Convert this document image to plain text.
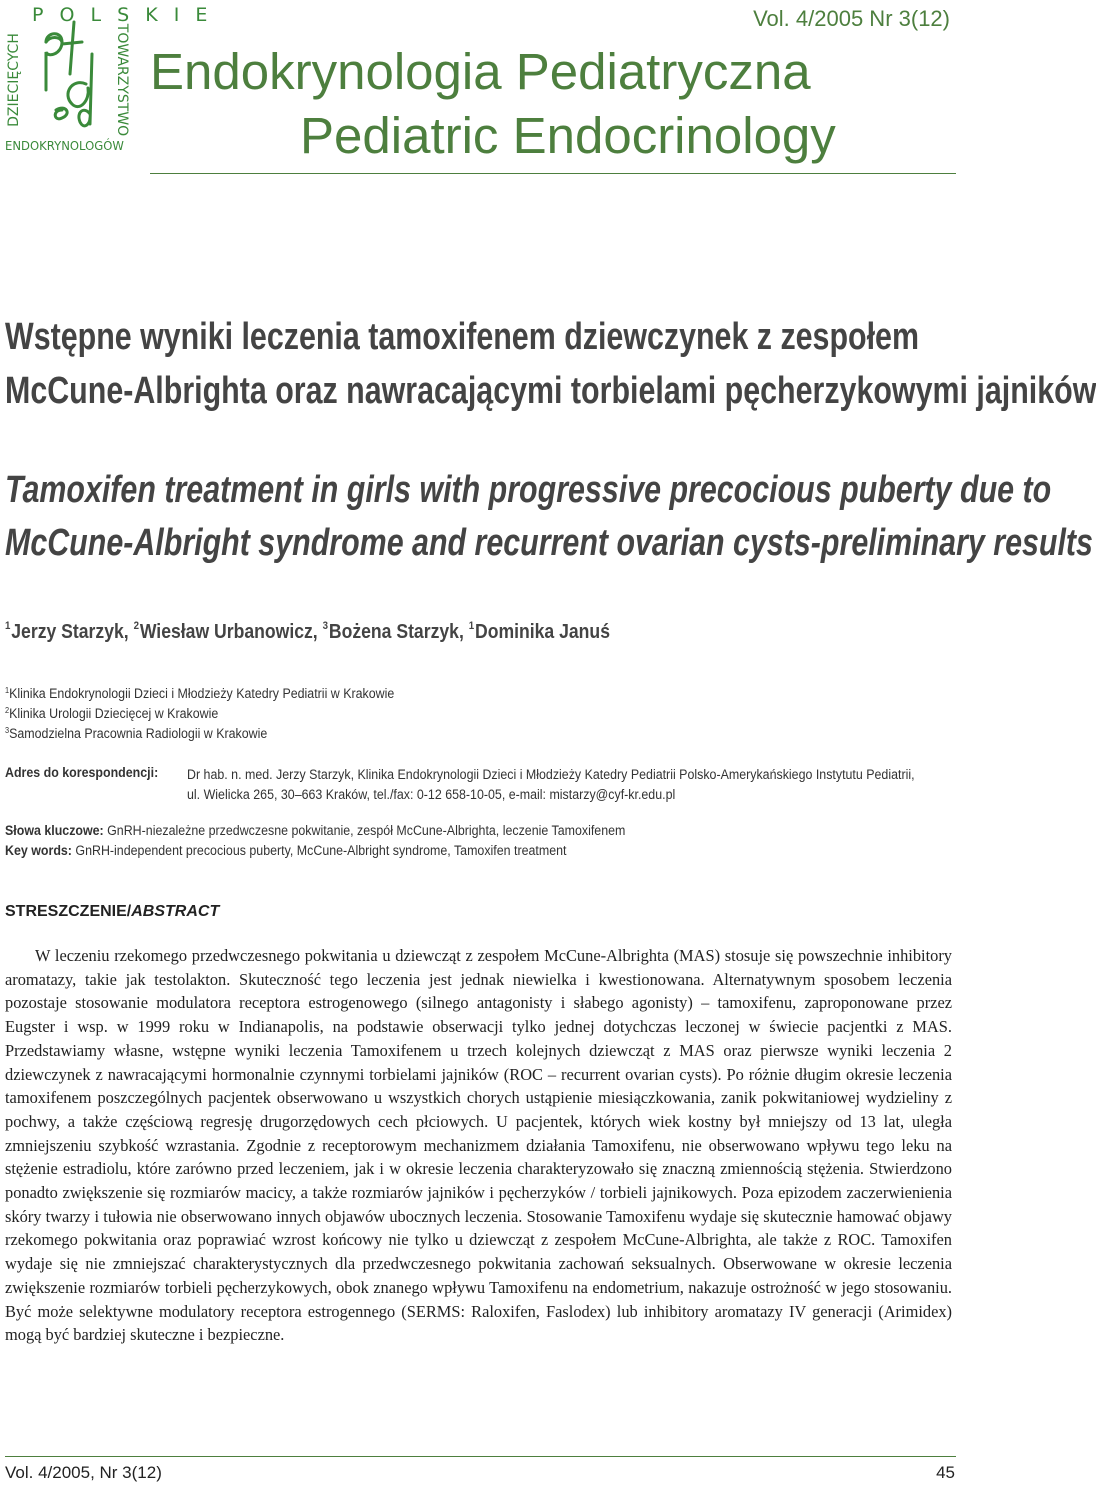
P O L S K I E
DZIECIĘCYCH	TOWARZYSTWO
ENDOKRYNOLOGÓW
Vol. 4/2005 Nr 3(12)
Endokrynologia Pediatryczna
Pediatric Endocrinology
Wstępne wyniki leczenia tamoxifenem dziewczynek z zespołem
McCune-Albrighta oraz nawracającymi torbielami pęcherzykowymi jajników
Tamoxifen treatment in girls with progressive precocious puberty due to
McCune-Albright syndrome and recurrent ovarian cysts-preliminary results
$^1$Jerzy Starzyk, $^2$Wiesław Urbanowicz, $^3$Bożena Starzyk, $^1$Dominika Januś
$^1$Klinika Endokrynologii Dzieci i Młodzieży Katedry Pediatrii w Krakowie
$^2$Klinika Urologii Dziecięcej w Krakowie
$^3$Samodzielna Pracownia Radiologii w Krakowie
Adres do korespondencji: Dr hab. n. med. Jerzy Starzyk, Klinika Endokrynologii Dzieci i Młodzieży Katedry Pediatrii Polsko-Amerykańskiego Instytutu Pediatrii, ul. Wielicka 265, 30–663 Kraków, tel./fax: 0-12 658-10-05, e-mail: mistarzy@cyf-kr.edu.pl
Słowa kluczowe: GnRH-niezależne przedwczesne pokwitanie, zespół McCune-Albrighta, leczenie Tamoxifenem
Key words: GnRH-independent precocious puberty, McCune-Albright syndrome, Tamoxifen treatment
STRESZCZENIE/ABSTRACT
W leczeniu rzekomego przedwczesnego pokwitania u dziewcząt z zespołem McCune-Albrighta (MAS) stosuje się powszechnie inhibitory aromatazy, takie jak testolakton. Skuteczność tego leczenia jest jednak niewielka i kwestionowana. Alternatywnym sposobem leczenia pozostaje stosowanie modulatora receptora estrogenowego (silnego antagonisty i słabego agonisty) – tamoxifenu, zaproponowane przez Eugster i wsp. w 1999 roku w Indianapolis, na podstawie obserwacji tylko jednej dotychczas leczonej w świecie pacjentki z MAS. Przedstawiamy własne, wstępne wyniki leczenia Tamoxifenem u trzech kolejnych dziewcząt z MAS oraz pierwsze wyniki leczenia 2 dziewczynek z nawracającymi hormonalnie czynnymi torbielami jajników (ROC – recurrent ovarian cysts). Po różnie długim okresie leczenia tamoxifenem poszczególnych pacjentek obserwowano u wszystkich chorych ustąpienie miesiączkowania, zanik pokwitaniowej wydzieliny z pochwy, a także częściową regresję drugorzędowych cech płciowych. U pacjentek, których wiek kostny był mniejszy od 13 lat, uległa zmniejszeniu szybkość wzrastania. Zgodnie z receptorowym mechanizmem działania Tamoxifenu, nie obserwowano wpływu tego leku na stężenie estradiolu, które zarówno przed leczeniem, jak i w okresie leczenia charakteryzowało się znaczną zmiennością stężenia. Stwierdzono ponadto zwiększenie się rozmiarów macicy, a także rozmiarów jajników i pęcherzyków / torbieli jajnikowych. Poza epizodem zaczerwienienia skóry twarzy i tułowia nie obserwowano innych objawów ubocznych leczenia. Stosowanie Tamoxifenu wydaje się skutecznie hamować objawy rzekomego pokwitania oraz poprawiać wzrost końcowy nie tylko u dziewcząt z zespołem McCune-Albrighta, ale także z ROC. Tamoxifen wydaje się nie zmniejszać charakterystycznych dla przedwczesnego pokwitania zachowań seksualnych. Obserwowane w okresie leczenia zwiększenie rozmiarów torbieli pęcherzykowych, obok znanego wpływu Tamoxifenu na endometrium, nakazuje ostrożność w jego stosowaniu. Być może selektywne modulatory receptora estrogennego (SERMS: Raloxifen, Faslodex) lub inhibitory aromatazy IV generacji (Arimidex) mogą być bardziej skuteczne i bezpieczne.
Vol. 4/2005, Nr 3(12)	45
